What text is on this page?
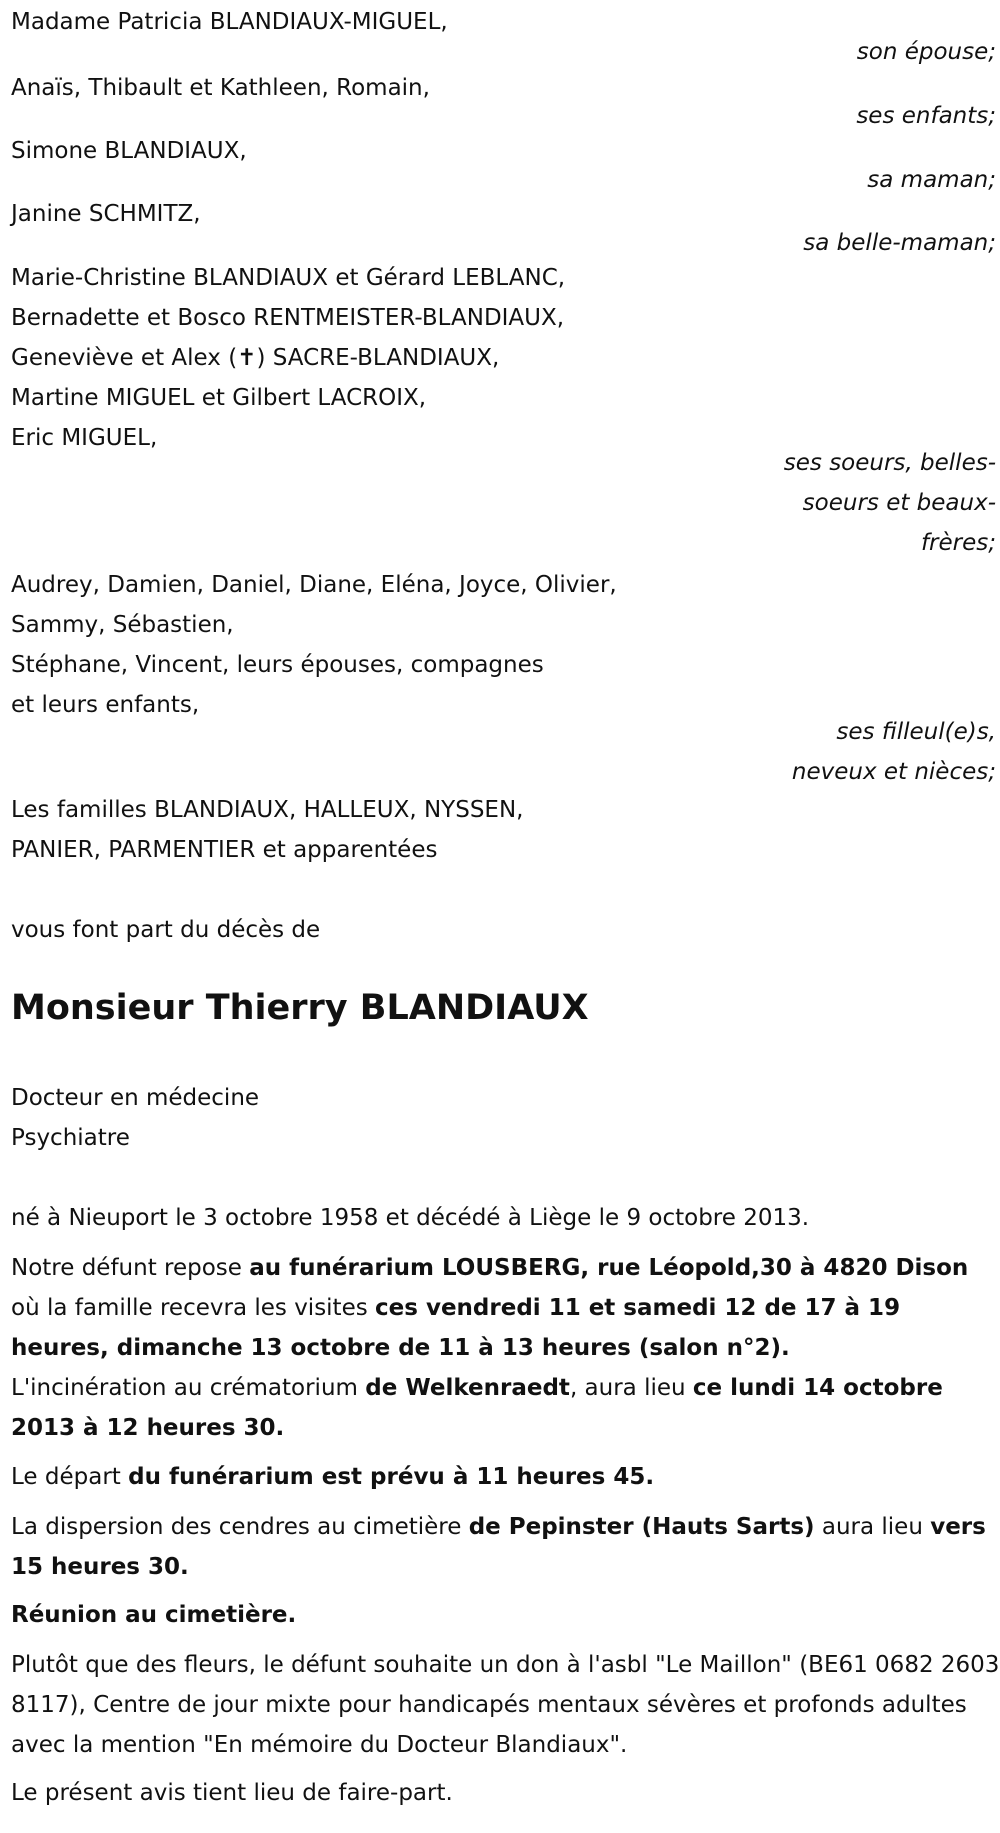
Madame Patricia BLANDIAUX-MIGUEL,
son épouse;
Anaïs, Thibault et Kathleen, Romain,
ses enfants;
Simone BLANDIAUX,
sa maman;
Janine SCHMITZ,
sa belle-maman;
Marie-Christine BLANDIAUX et Gérard LEBLANC,
Bernadette et Bosco RENTMEISTER-BLANDIAUX,
Geneviève et Alex (✝) SACRE-BLANDIAUX,
Martine MIGUEL et Gilbert LACROIX,
Eric MIGUEL,
ses soeurs, belles-
soeurs et beaux-
frères;
Audrey, Damien, Daniel, Diane, Eléna, Joyce, Olivier,
Sammy, Sébastien,
Stéphane, Vincent, leurs épouses, compagnes
et leurs enfants,
ses filleul(e)s,
neveux et nièces;
Les familles BLANDIAUX, HALLEUX, NYSSEN,
PANIER, PARMENTIER et apparentées
vous font part du décès de
Monsieur Thierry BLANDIAUX
Docteur en médecine
Psychiatre
né à Nieuport le 3 octobre 1958 et décédé à Liège le 9 octobre 2013.
Notre défunt repose au funérarium LOUSBERG, rue Léopold,30 à 4820 Dison où la famille recevra les visites ces vendredi 11 et samedi 12 de 17 à 19 heures, dimanche 13 octobre de 11 à 13 heures (salon n°2).
L'incinération au crématorium de Welkenraedt, aura lieu ce lundi 14 octobre 2013 à 12 heures 30.
Le départ du funérarium est prévu à 11 heures 45.
La dispersion des cendres au cimetière de Pepinster (Hauts Sarts) aura lieu vers 15 heures 30.
Réunion au cimetière.
Plutôt que des fleurs, le défunt souhaite un don à l'asbl "Le Maillon" (BE61 0682 2603 8117), Centre de jour mixte pour handicapés mentaux sévères et profonds adultes avec la mention "En mémoire du Docteur Blandiaux".
Le présent avis tient lieu de faire-part.
